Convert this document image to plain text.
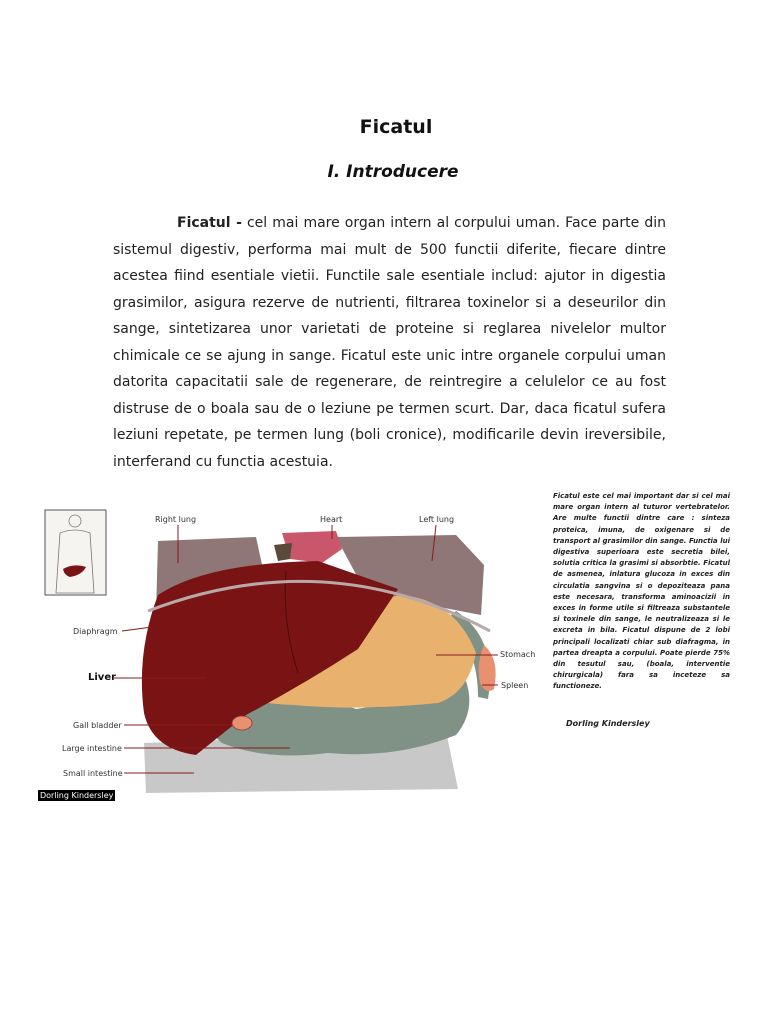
Ficatul
I. Introducere

Ficatul - cel mai mare organ intern al corpului uman. Face parte din sistemul digestiv, performa mai mult de 500 functii diferite, fiecare dintre acestea fiind esentiale vietii. Functile sale esentiale includ: ajutor in digestia grasimilor, asigura rezerve de nutrienti, filtrarea toxinelor si a deseurilor din sange, sintetizarea unor varietati de proteine si reglarea nivelelor multor chimicale ce se ajung in sange. Ficatul este unic intre organele corpului uman datorita capacitatii sale de regenerare, de reintregire a celulelor ce au fost distruse de o boala sau de o leziune pe termen scurt. Dar, daca ficatul sufera leziuni repetate, pe termen lung (boli cronice), modificarile devin ireversibile, interferand cu functia acestuia.

Right lung	Heart	Left lung
Diaphragm
Liver
Gall bladder
Large intestine
Small intestine
Stomach
Spleen
Dorling Kindersley

Ficatul este cel mai important dar si cel mai mare organ intern al tuturor vertebratelor. Are multe functii dintre care : sinteza proteica, imuna, de oxigenare si de transport al grasimilor din sange. Functia lui digestiva superioara este secretia bilei, solutia critica la grasimi si absorbtie. Ficatul de asmenea, inlatura glucoza in exces din circulatia sangvina si o depoziteaza pana este necesara, transforma aminoacizii in exces in forme utile si filtreaza substantele si toxinele din sange, le neutralizeaza si le excreta in bila. Ficatul dispune de 2 lobi principali localizati chiar sub diafragma, in partea dreapta a corpului. Poate pierde 75% din tesutul sau, (boala, interventie chirurgicala) fara sa inceteze sa functioneze.

Dorling Kindersley
